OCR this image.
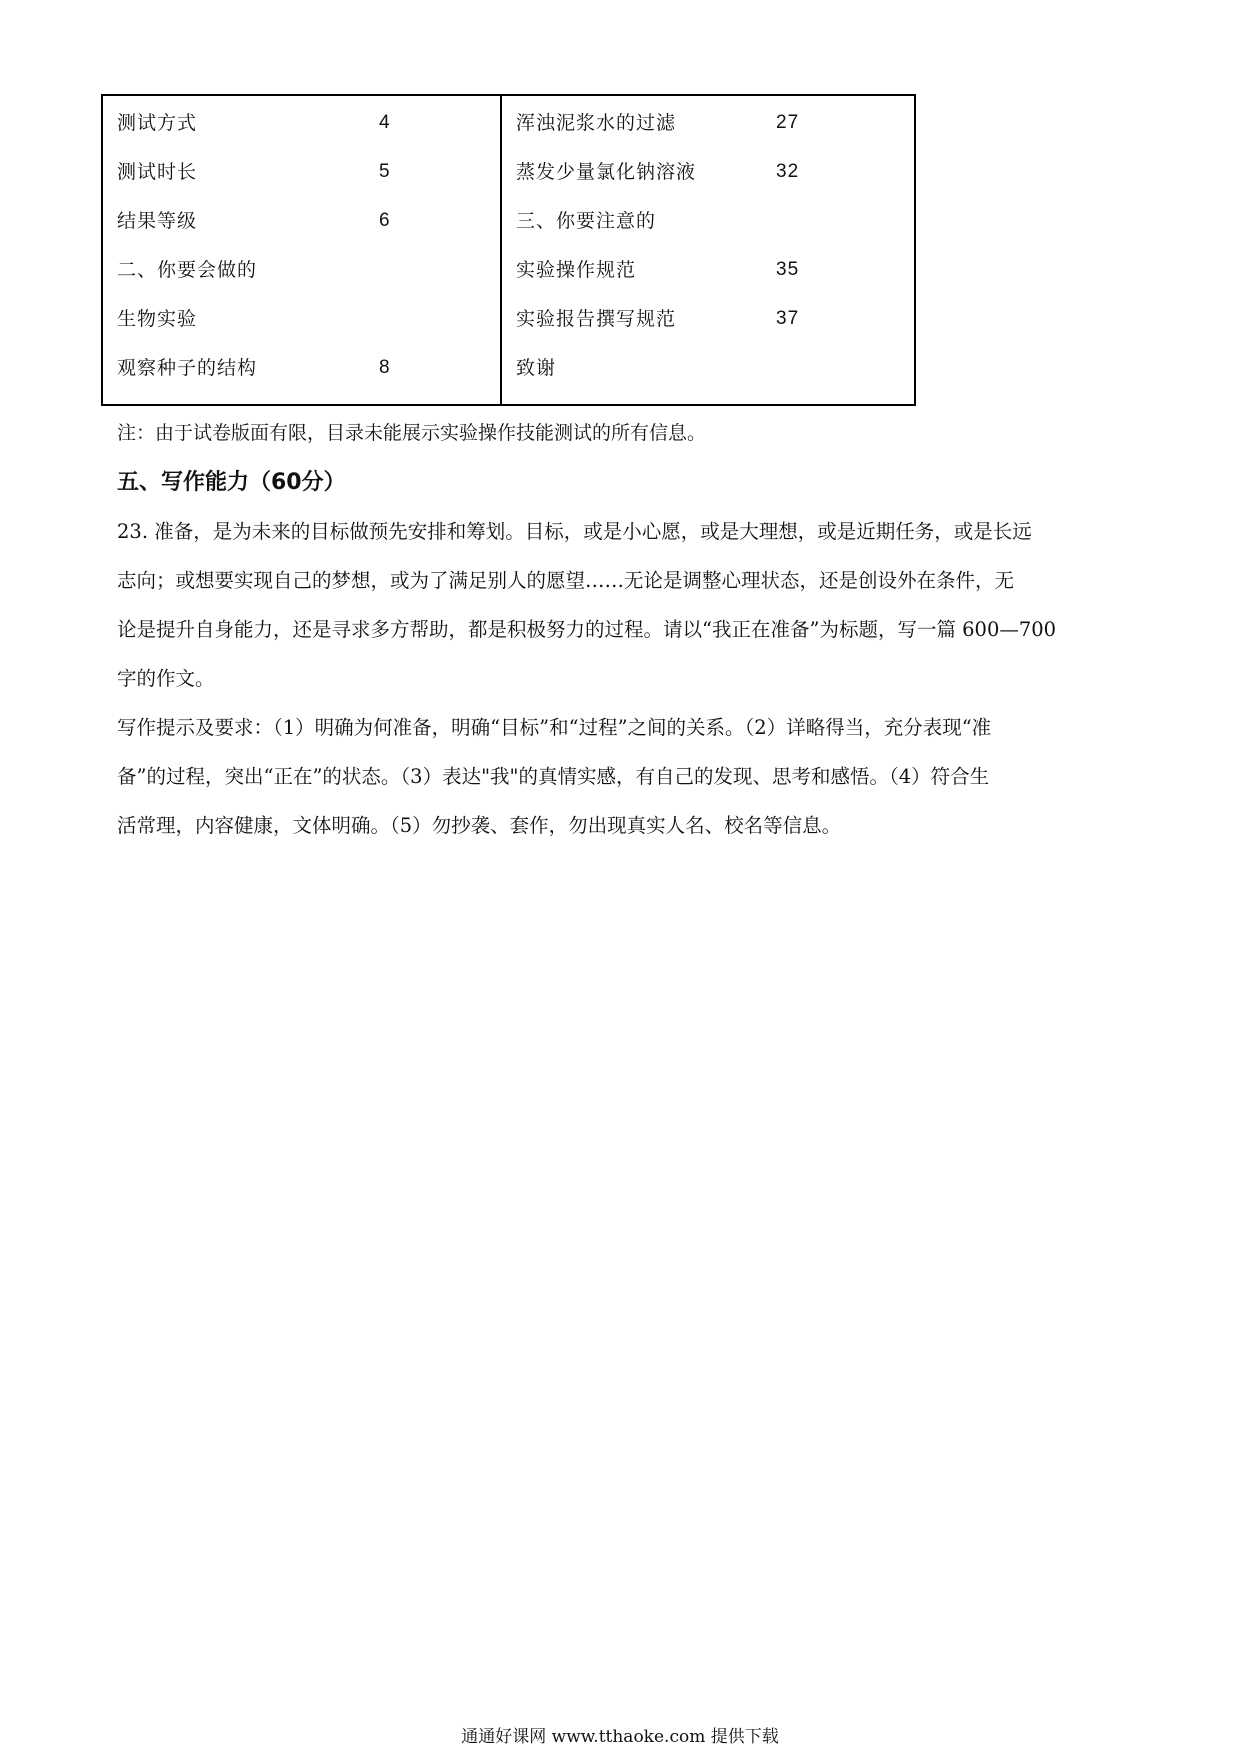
测试方式	4
测试时长	5
结果等级	6
二、你要会做的
生物实验
观察种子的结构	8
浑浊泥浆水的过滤	27
蒸发少量氯化钠溶液	32
三、你要注意的
实验操作规范	35
实验报告撰写规范	37
致谢
注：由于试卷版面有限，目录未能展示实验操作技能测试的所有信息。
五、写作能力（60分）
23. 准备，是为未来的目标做预先安排和筹划。目标，或是小心愿，或是大理想，或是近期任务，或是长远
志向；或想要实现自己的梦想，或为了满足别人的愿望……无论是调整心理状态，还是创设外在条件，无
论是提升自身能力，还是寻求多方帮助，都是积极努力的过程。请以“我正在准备”为标题，写一篇 600—700
字的作文。
写作提示及要求：（1）明确为何准备，明确“目标”和“过程”之间的关系。（2）详略得当，充分表现“准
备”的过程，突出“正在”的状态。（3）表达"我"的真情实感，有自己的发现、思考和感悟。（4）符合生
活常理，内容健康，文体明确。（5）勿抄袭、套作，勿出现真实人名、校名等信息。
通通好课网 www.tthaoke.com 提供下载
